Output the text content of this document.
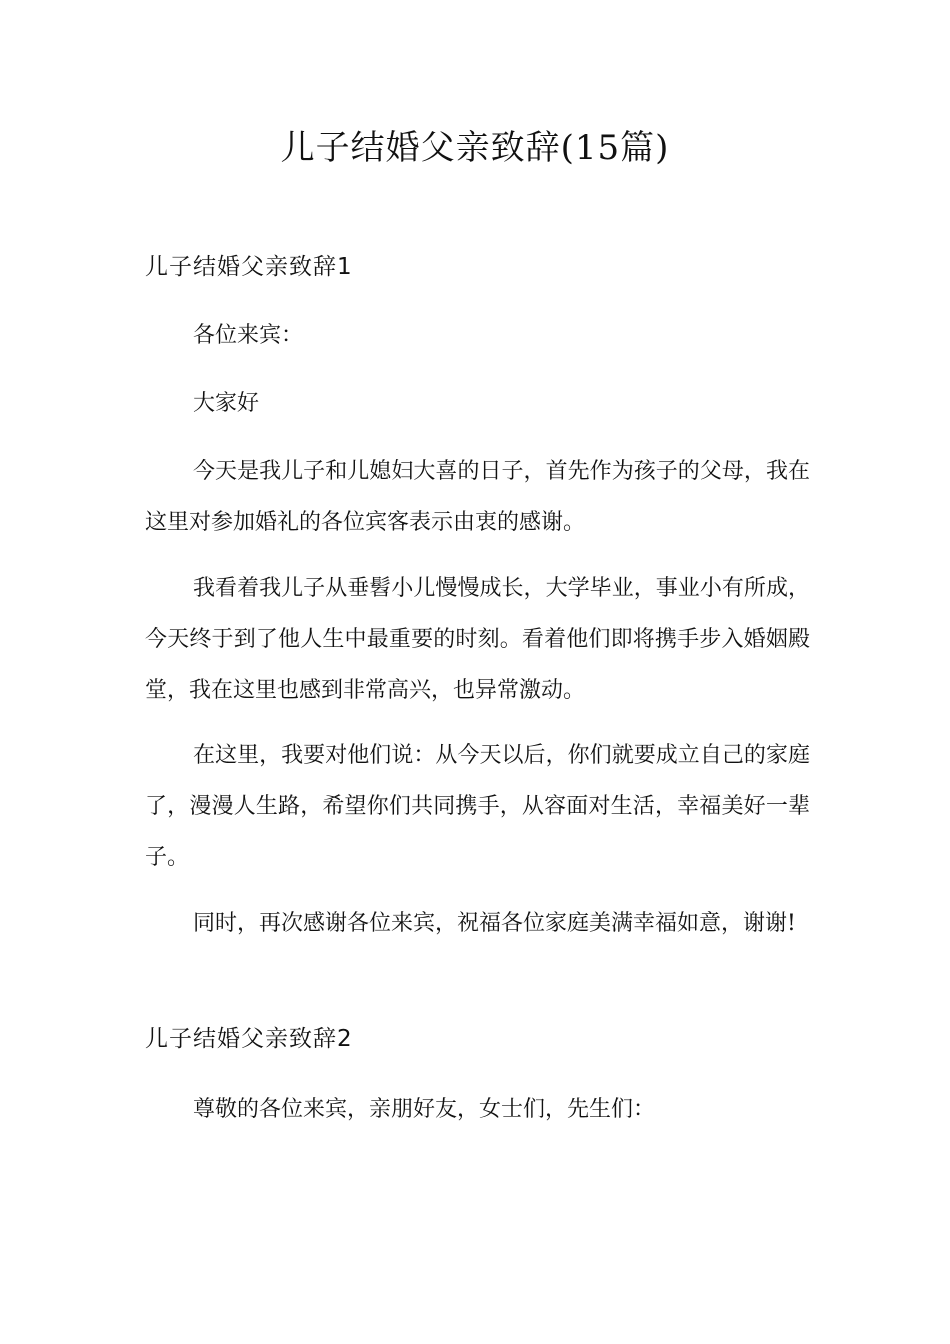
儿子结婚父亲致辞(15篇)
儿子结婚父亲致辞1

各位来宾：

大家好

今天是我儿子和儿媳妇大喜的日子，首先作为孩子的父母，我在这里对参加婚礼的各位宾客表示由衷的感谢。

我看着我儿子从垂髫小儿慢慢成长，大学毕业，事业小有所成，今天终于到了他人生中最重要的时刻。看着他们即将携手步入婚姻殿堂，我在这里也感到非常高兴，也异常激动。

在这里，我要对他们说：从今天以后，你们就要成立自己的家庭了，漫漫人生路，希望你们共同携手，从容面对生活，幸福美好一辈子。

同时，再次感谢各位来宾，祝福各位家庭美满幸福如意，谢谢!

儿子结婚父亲致辞2

尊敬的各位来宾，亲朋好友，女士们，先生们：
